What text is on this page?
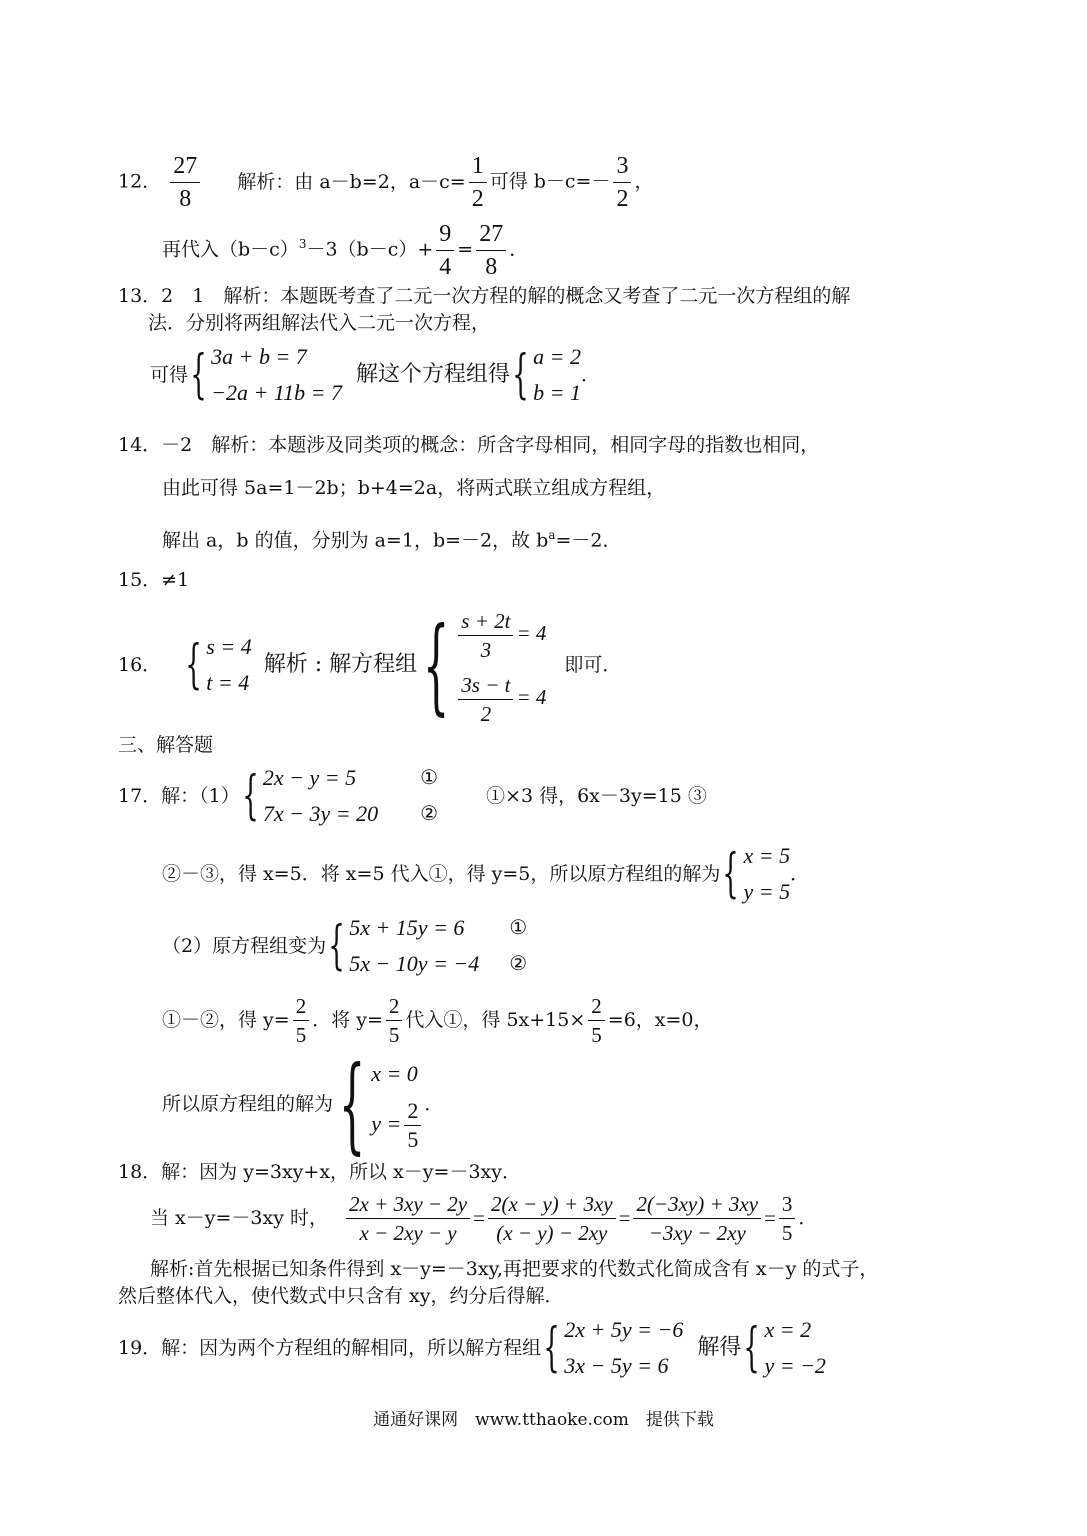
12． $\frac{27}{8}$ 解析：由 a－b=2，$a-c= \frac{1}{2}$ 可得 $b-c=- \frac{3}{2}$ ，
再代入$(b-c)^3-3(b-c)+ \frac{9}{4} = \frac{27}{8}$ ．
13．2　1　解析：本题既考查了二元一次方程的解的概念又考查了二元一次方程组的解
法．分别将两组解法代入二元一次方程，
可得 { 3a + b = 7
−2a + 11b = 7
解这个方程组得 { a = 2
b = 1
．
14．－2　解析：本题涉及同类项的概念：所含字母相同，相同字母的指数也相同，
由此可得 5a=1－2b；b+4=2a，将两式联立组成方程组，
解出 a，b 的值，分别为 a=1，b=－2，故 $b^a=-2$．
15．≠1
16． { s = 4
t = 4
解析 : 解方程组 { $\frac{s + 2t}{3} = 4$
$\frac{3s - t}{2} = 4$
即可．
三、解答题
17．解：（1） { 2x − y = 5
7x − 3y = 20
①
②
①×3 得，6x－3y=15 ③
②－③，得 x=5．将 x=5 代入①，得 y=5，所以原方程组的解为 { x = 5
y = 5
．
（2）原方程组变为 { 5x + 15y = 6
5x − 10y = −4
①
②
①－②，得 $y= \frac{2}{5}$ ．将 $y= \frac{2}{5}$ 代入①，得 $5x+15\times \frac{2}{5} =6$，x=0，
所以原方程组的解为 { x = 0
$y = \frac{2}{5}$ ．
18．解：因为 y=3xy+x，所以 x－y=－3xy．
当 x－y=－3xy 时， $\frac{2x + 3xy - 2y}{x - 2xy - y} = \frac{2(x - y) + 3xy}{(x - y) - 2xy} = \frac{2(-3xy) + 3xy}{-3xy - 2xy} = \frac{3}{5}$ ．
解析:首先根据已知条件得到 x－y=－3xy,再把要求的代数式化简成含有 x－y 的式子，
然后整体代入，使代数式中只含有 xy，约分后得解．
19．解：因为两个方程组的解相同，所以解方程组 { 2x + 5y = −6
3x − 5y = 6
解得 { x = 2
y = −2
通通好课网　www.tthaoke.com　提供下载
